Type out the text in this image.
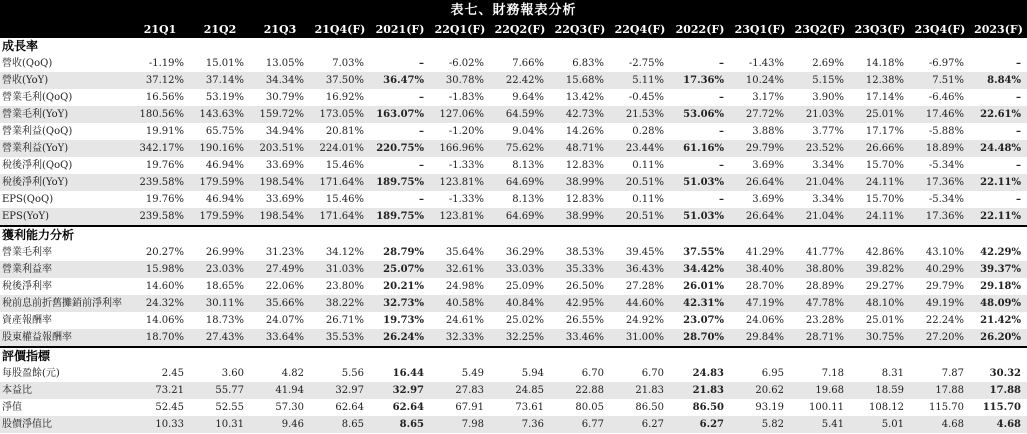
表七、財務報表分析
21Q1	21Q2	21Q3	21Q4(F) 2021(F) 22Q1(F) 22Q2(F) 22Q3(F) 22Q4(F) 2022(F) 23Q1(F) 23Q2(F) 23Q3(F) 23Q4(F) 2023(F)
成長率
營收(QoQ)	-1.19%	15.01%	13.05%	7.03%	–	-6.02%	7.66%	6.83%	-2.75%	–	-1.43%	2.69%	14.18%	-6.97%	–
營收(YoY)	37.12%	37.14%	34.34%	37.50%	36.47%	30.78%	22.42%	15.68%	5.11%	17.36%	10.24%	5.15%	12.38%	7.51%	8.84%
營業毛利(QoQ)	16.56%	53.19%	30.79%	16.92%	–	-1.83%	9.64%	13.42%	-0.45%	–	3.17%	3.90%	17.14%	-6.46%	–
營業毛利(YoY)	180.56%	143.63%	159.72%	173.05%	163.07%	127.06%	64.59%	42.73%	21.53%	53.06%	27.72%	21.03%	25.01%	17.46%	22.61%
營業利益(QoQ)	19.91%	65.75%	34.94%	20.81%	–	-1.20%	9.04%	14.26%	0.28%	–	3.88%	3.77%	17.17%	-5.88%	–
營業利益(YoY)	342.17%	190.16%	203.51%	224.01%	220.75%	166.96%	75.62%	48.71%	23.44%	61.16%	29.79%	23.52%	26.66%	18.89%	24.48%
稅後淨利(QoQ)	19.76%	46.94%	33.69%	15.46%	–	-1.33%	8.13%	12.83%	0.11%	–	3.69%	3.34%	15.70%	-5.34%	–
稅後淨利(YoY)	239.58%	179.59%	198.54%	171.64%	189.75%	123.81%	64.69%	38.99%	20.51%	51.03%	26.64%	21.04%	24.11%	17.36%	22.11%
EPS(QoQ)	19.76%	46.94%	33.69%	15.46%	–	-1.33%	8.13%	12.83%	0.11%	–	3.69%	3.34%	15.70%	-5.34%	–
EPS(YoY)	239.58%	179.59%	198.54%	171.64%	189.75%	123.81%	64.69%	38.99%	20.51%	51.03%	26.64%	21.04%	24.11%	17.36%	22.11%
獲利能力分析
營業毛利率	20.27%	26.99%	31.23%	34.12%	28.79%	35.64%	36.29%	38.53%	39.45%	37.55%	41.29%	41.77%	42.86%	43.10%	42.29%
營業利益率	15.98%	23.03%	27.49%	31.03%	25.07%	32.61%	33.03%	35.33%	36.43%	34.42%	38.40%	38.80%	39.82%	40.29%	39.37%
稅後淨利率	14.60%	18.65%	22.06%	23.80%	20.21%	24.98%	25.09%	26.50%	27.28%	26.01%	28.70%	28.89%	29.27%	29.79%	29.18%
稅前息前折舊攤銷前淨利率	24.32%	30.11%	35.66%	38.22%	32.73%	40.58%	40.84%	42.95%	44.60%	42.31%	47.19%	47.78%	48.10%	49.19%	48.09%
資產報酬率	14.06%	18.73%	24.07%	26.71%	19.73%	24.61%	25.02%	26.55%	24.92%	23.07%	24.06%	23.28%	25.01%	22.24%	21.42%
股東權益報酬率	18.70%	27.43%	33.64%	35.53%	26.24%	32.33%	32.25%	33.46%	31.00%	28.70%	29.84%	28.71%	30.75%	27.20%	26.20%
評價指標
每股盈餘(元)	2.45	3.60	4.82	5.56	16.44	5.49	5.94	6.70	6.70	24.83	6.95	7.18	8.31	7.87	30.32
本益比	73.21	55.77	41.94	32.97	32.97	27.83	24.85	22.88	21.83	21.83	20.62	19.68	18.59	17.88	17.88
淨值	52.45	52.55	57.30	62.64	62.64	67.91	73.61	80.05	86.50	86.50	93.19	100.11	108.12	115.70	115.70
股價淨值比	10.33	10.31	9.46	8.65	8.65	7.98	7.36	6.77	6.27	6.27	5.82	5.41	5.01	4.68	4.68
